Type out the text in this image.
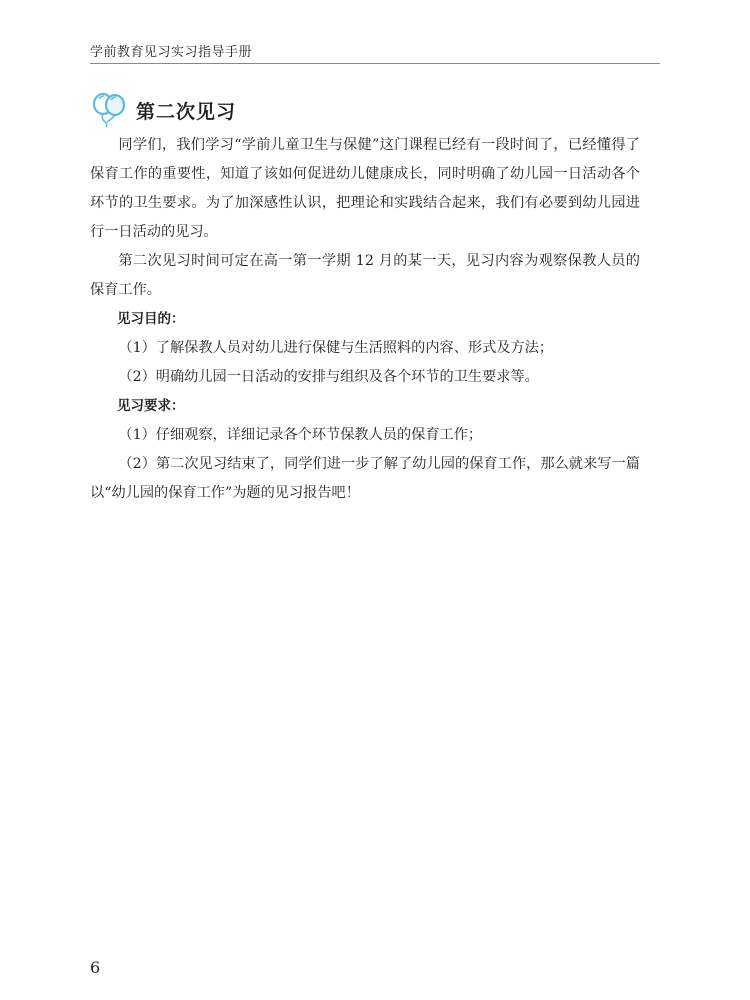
学前教育见习实习指导手册
第二次见习

同学们，我们学习“学前儿童卫生与保健”这门课程已经有一段时间了，已经懂得了保育工作的重要性，知道了该如何促进幼儿健康成长，同时明确了幼儿园一日活动各个环节的卫生要求。为了加深感性认识，把理论和实践结合起来，我们有必要到幼儿园进行一日活动的见习。

第二次见习时间可定在高一第一学期 12 月的某一天，见习内容为观察保教人员的保育工作。

见习目的：

（1）了解保教人员对幼儿进行保健与生活照料的内容、形式及方法；

（2）明确幼儿园一日活动的安排与组织及各个环节的卫生要求等。

见习要求：

（1）仔细观察，详细记录各个环节保教人员的保育工作；

（2）第二次见习结束了，同学们进一步了解了幼儿园的保育工作，那么就来写一篇以“幼儿园的保育工作”为题的见习报告吧！

6
